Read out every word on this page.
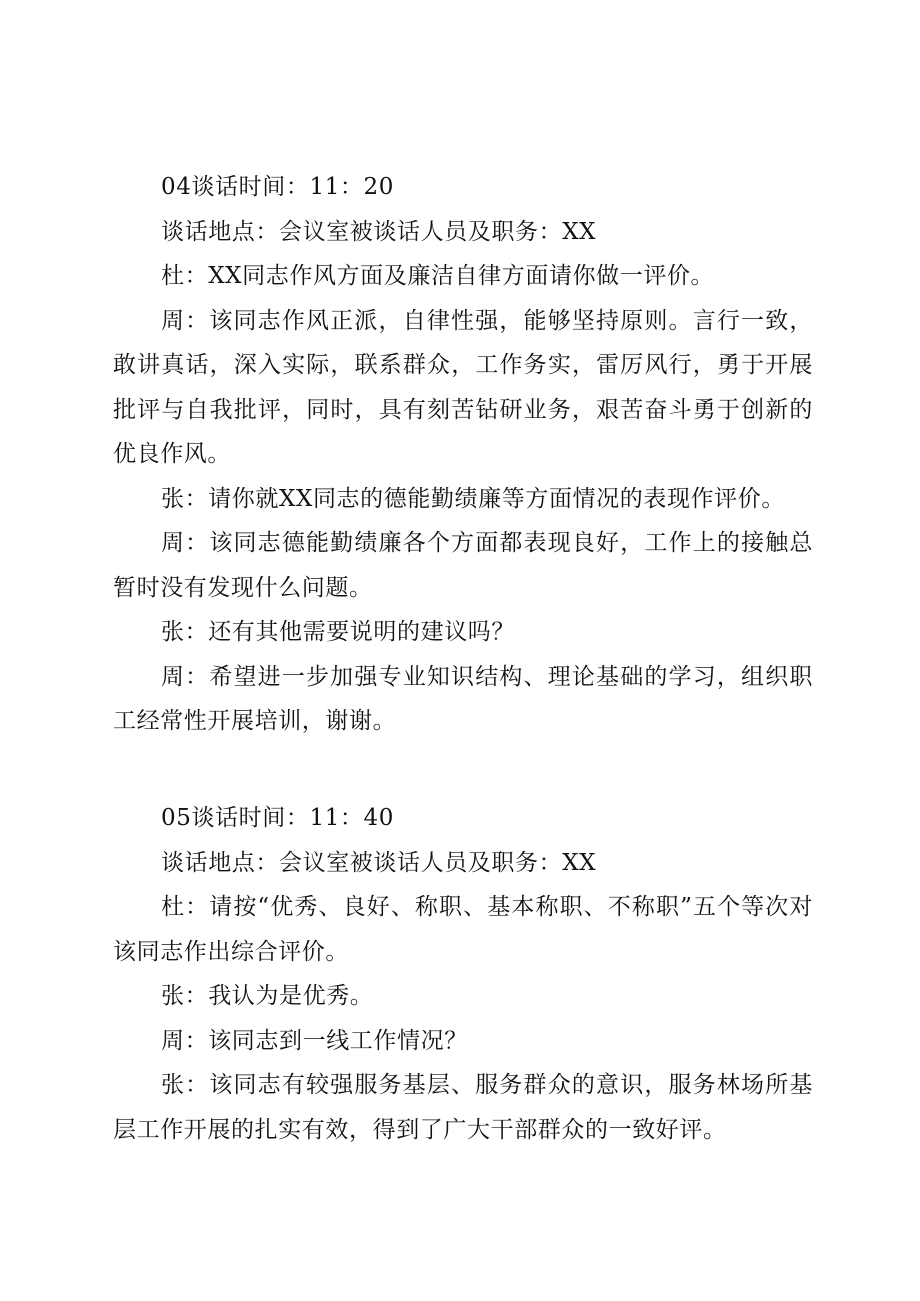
04谈话时间：11：20

谈话地点：会议室被谈话人员及职务：XX

杜：XX同志作风方面及廉洁自律方面请你做一评价。

周：该同志作风正派，自律性强，能够坚持原则。言行一致，敢讲真话，深入实际，联系群众，工作务实，雷厉风行，勇于开展批评与自我批评，同时，具有刻苦钻研业务，艰苦奋斗勇于创新的优良作风。

张：请你就XX同志的德能勤绩廉等方面情况的表现作评价。

周：该同志德能勤绩廉各个方面都表现良好，工作上的接触总暂时没有发现什么问题。

张：还有其他需要说明的建议吗？

周：希望进一步加强专业知识结构、理论基础的学习，组织职工经常性开展培训，谢谢。

05谈话时间：11：40

谈话地点：会议室被谈话人员及职务：XX

杜：请按“优秀、良好、称职、基本称职、不称职”五个等次对该同志作出综合评价。

张：我认为是优秀。

周：该同志到一线工作情况？

张：该同志有较强服务基层、服务群众的意识，服务林场所基层工作开展的扎实有效，得到了广大干部群众的一致好评。
